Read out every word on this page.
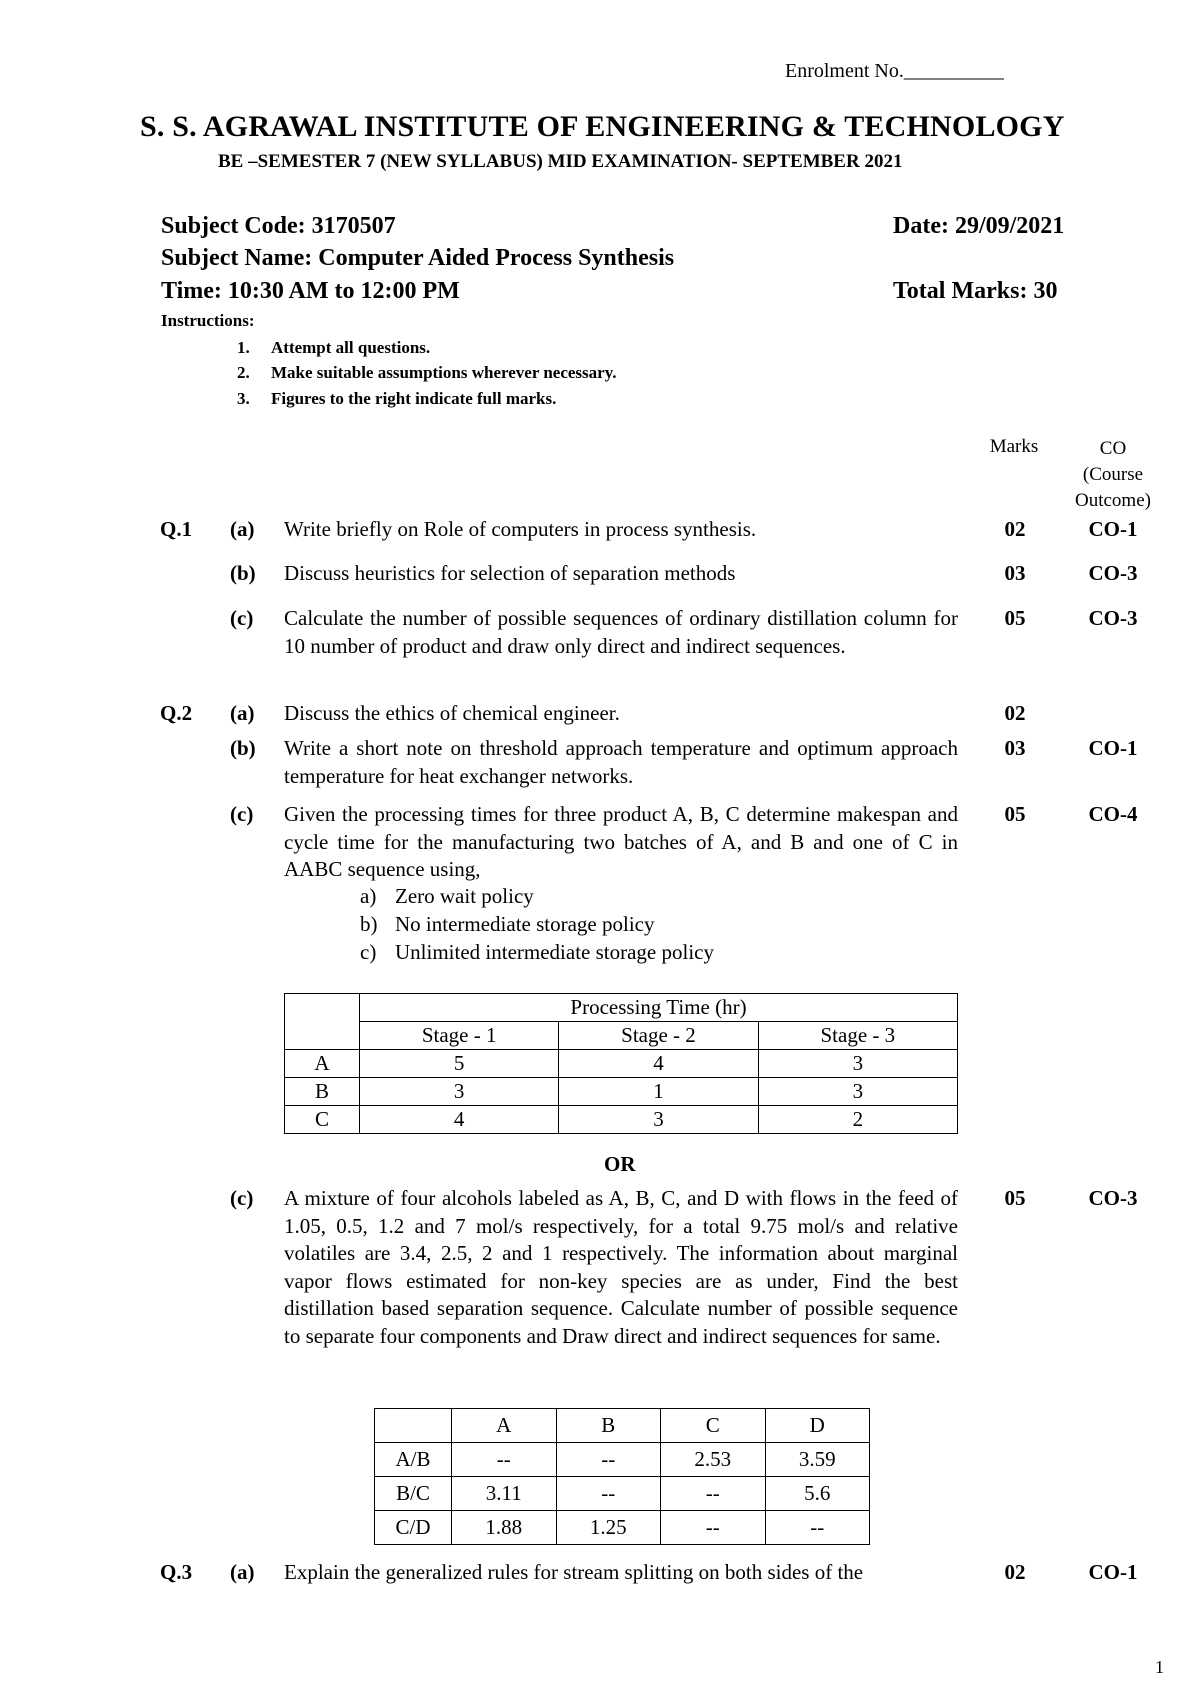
Enrolment No.__________
S. S. AGRAWAL INSTITUTE OF ENGINEERING & TECHNOLOGY
BE –SEMESTER 7 (NEW SYLLABUS) MID EXAMINATION- SEPTEMBER 2021
Subject Code: 3170507	Date: 29/09/2021
Subject Name: Computer Aided Process Synthesis
Time: 10:30 AM to 12:00 PM	Total Marks: 30
Instructions:
1. Attempt all questions.
2. Make suitable assumptions wherever necessary.
3. Figures to the right indicate full marks.
Marks	CO
(Course
Outcome)
Q.1 (a) Write briefly on Role of computers in process synthesis.	02	CO-1
(b) Discuss heuristics for selection of separation methods	03	CO-3
(c) Calculate the number of possible sequences of ordinary distillation column for 10 number of product and draw only direct and indirect sequences.
05	CO-3
Q.2 (a) Discuss the ethics of chemical engineer.	02
(b) Write a short note on threshold approach temperature and optimum approach temperature for heat exchanger networks.
03	CO-1
(c) Given the processing times for three product A, B, C determine makespan and cycle time for the manufacturing two batches of A, and B and one of C in AABC sequence using,
05	CO-4
a) Zero wait policy
b) No intermediate storage policy
c) Unlimited intermediate storage policy
	Processing Time (hr)		
	Stage - 1	Stage - 2	Stage - 3
A	5	4	3
B	3	1	3
C	4	3	2
OR
(c) A mixture of four alcohols labeled as A, B, C, and D with flows in the feed of 1.05, 0.5, 1.2 and 7 mol/s respectively, for a total 9.75 mol/s and relative volatiles are 3.4, 2.5, 2 and 1 respectively. The information about marginal vapor flows estimated for non-key species are as under, Find the best distillation based separation sequence. Calculate number of possible sequence to separate four components and Draw direct and indirect sequences for same.
05	CO-3
	A	B	C	D
A/B	--	--	2.53	3.59
B/C	3.11	--	--	5.6
C/D	1.88	1.25	--	--
Q.3 (a) Explain the generalized rules for stream splitting on both sides of the	02	CO-1
1
